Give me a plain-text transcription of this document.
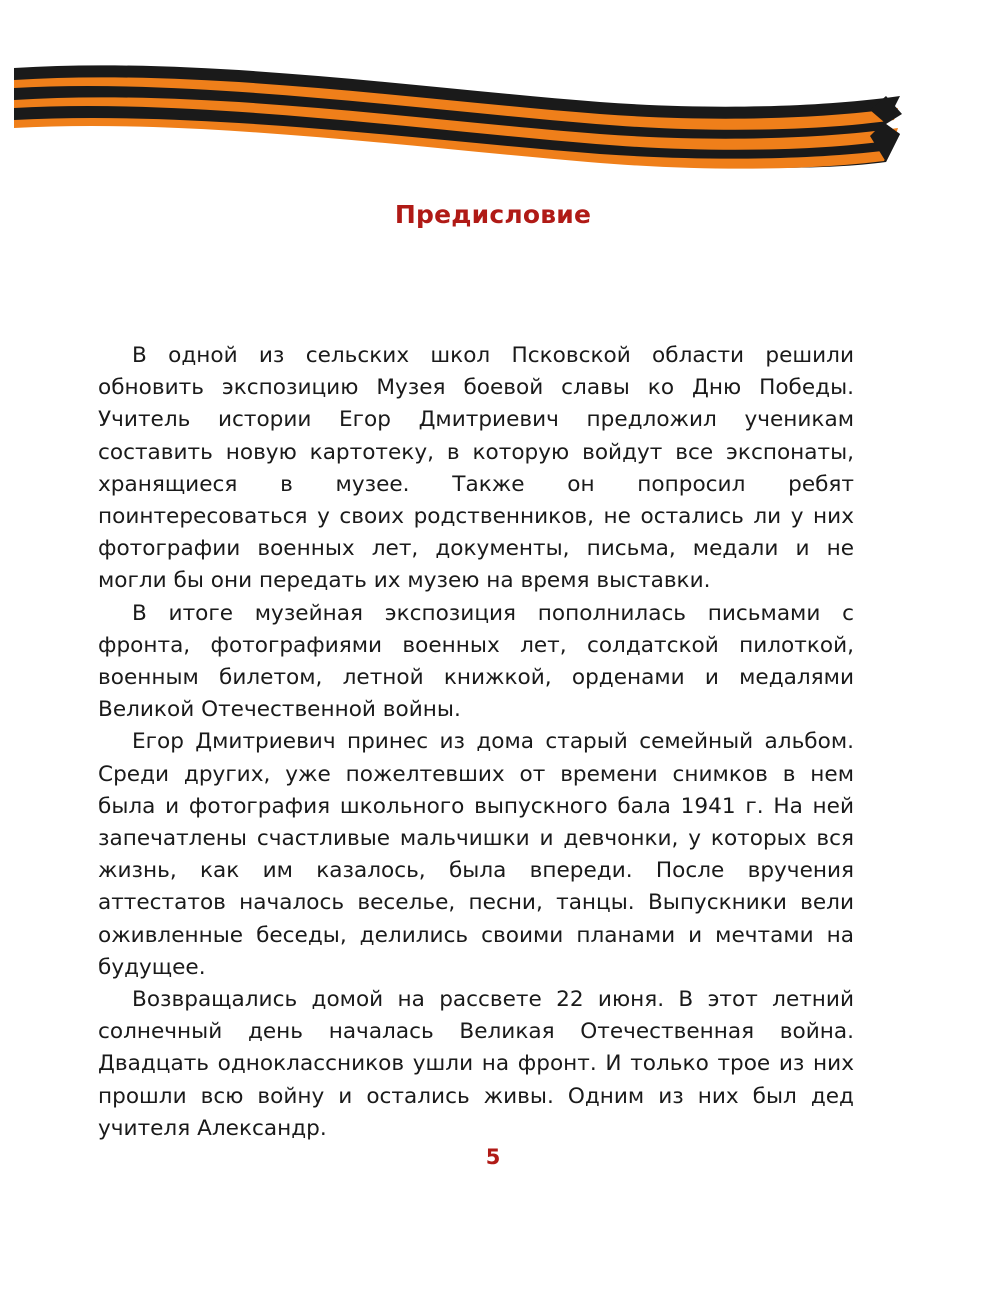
Предисловие

В одной из сельских школ Псковской области решили обновить экспозицию Музея боевой славы ко Дню Победы. Учитель истории Егор Дмитриевич предложил ученикам составить новую картотеку, в которую войдут все экспонаты, хранящиеся в музее. Также он попросил ребят поинтересоваться у своих родственников, не остались ли у них фотографии военных лет, документы, письма, медали и не могли бы они передать их музею на время выставки.

В итоге музейная экспозиция пополнилась письмами с фронта, фотографиями военных лет, солдатской пилоткой, военным билетом, летной книжкой, орденами и медалями Великой Отечественной войны.

Егор Дмитриевич принес из дома старый семейный альбом. Среди других, уже пожелтевших от времени снимков в нем была и фотография школьного выпускного бала 1941 г. На ней запечатлены счастливые мальчишки и девчонки, у которых вся жизнь, как им казалось, была впереди. После вручения аттестатов началось веселье, песни, танцы. Выпускники вели оживленные беседы, делились своими планами и мечтами на будущее.

Возвращались домой на рассвете 22 июня. В этот летний солнечный день началась Великая Отечественная война. Двадцать одноклассников ушли на фронт. И только трое из них прошли всю войну и остались живы. Одним из них был дед учителя Александр.

5
